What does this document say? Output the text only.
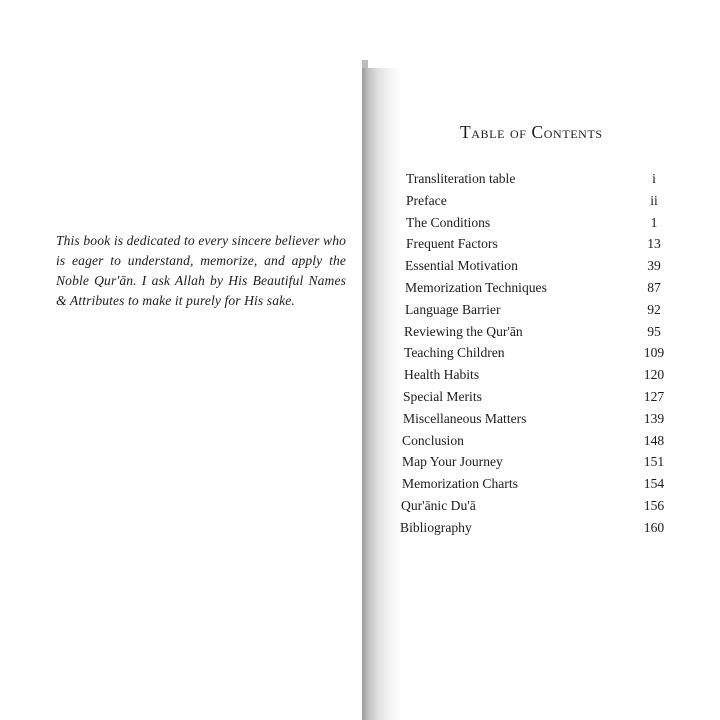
This book is dedicated to every sincere believer who is eager to understand, memorize, and apply the Noble Qur'ān. I ask Allah by His Beautiful Names & Attributes to make it purely for His sake.

Table of Contents
Transliteration table	i
Preface	ii
The Conditions	1
Frequent Factors	13
Essential Motivation	39
Memorization Techniques	87
Language Barrier	92
Reviewing the Qur'ān	95
Teaching Children	109
Health Habits	120
Special Merits	127
Miscellaneous Matters	139
Conclusion	148
Map Your Journey	151
Memorization Charts	154
Qur'ānic Du'ā	156
Bibliography	160
